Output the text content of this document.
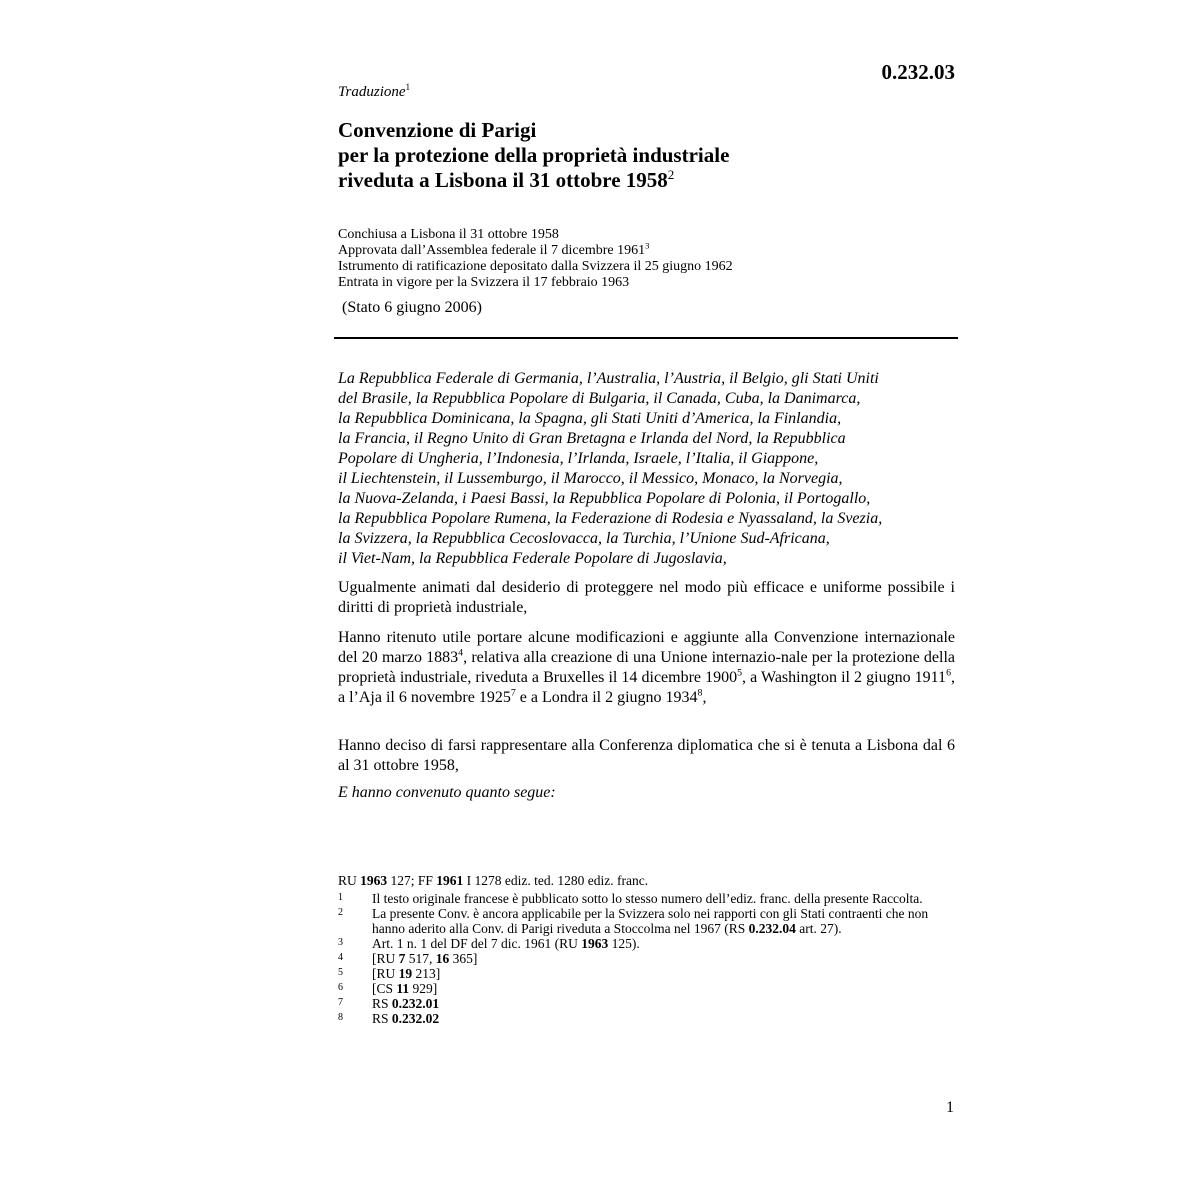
0.232.03
Traduzione$^1$
Convenzione di Parigi
per la protezione della proprietà industriale
riveduta a Lisbona il 31 ottobre 1958$^2$
Conchiusa a Lisbona il 31 ottobre 1958
Approvata dall’Assemblea federale il 7 dicembre 1961$^3$
Istrumento di ratificazione depositato dalla Svizzera il 25 giugno 1962
Entrata in vigore per la Svizzera il 17 febbraio 1963
(Stato 6 giugno 2006)
La Repubblica Federale di Germania, l’Australia, l’Austria, il Belgio, gli Stati Uniti
del Brasile, la Repubblica Popolare di Bulgaria, il Canada, Cuba, la Danimarca,
la Repubblica Dominicana, la Spagna, gli Stati Uniti d’America, la Finlandia,
la Francia, il Regno Unito di Gran Bretagna e Irlanda del Nord, la Repubblica
Popolare di Ungheria, l’Indonesia, l’Irlanda, Israele, l’Italia, il Giappone,
il Liechtenstein, il Lussemburgo, il Marocco, il Messico, Monaco, la Norvegia,
la Nuova-Zelanda, i Paesi Bassi, la Repubblica Popolare di Polonia, il Portogallo,
la Repubblica Popolare Rumena, la Federazione di Rodesia e Nyassaland, la Svezia,
la Svizzera, la Repubblica Cecoslovacca, la Turchia, l’Unione Sud-Africana,
il Viet-Nam, la Repubblica Federale Popolare di Jugoslavia,
Ugualmente animati dal desiderio di proteggere nel modo più efficace e uniforme possibile i diritti di proprietà industriale,
Hanno ritenuto utile portare alcune modificazioni e aggiunte alla Convenzione internazionale del 20 marzo 1883$^4$, relativa alla creazione di una Unione internazio-nale per la protezione della proprietà industriale, riveduta a Bruxelles il 14 dicembre 1900$^5$, a Washington il 2 giugno 1911$^6$, a l’Aja il 6 novembre 1925$^7$ e a Londra il 2 giugno 1934$^8$,
Hanno deciso di farsi rappresentare alla Conferenza diplomatica che si è tenuta a Lisbona dal 6 al 31 ottobre 1958,
E hanno convenuto quanto segue:
RU 1963 127; FF 1961 I 1278 ediz. ted. 1280 ediz. franc.
1	Il testo originale francese è pubblicato sotto lo stesso numero dell’ediz. franc. della presente Raccolta.
2	La presente Conv. è ancora applicabile per la Svizzera solo nei rapporti con gli Stati contraenti che non hanno aderito alla Conv. di Parigi riveduta a Stoccolma nel 1967 (RS 0.232.04 art. 27).
3	Art. 1 n. 1 del DF del 7 dic. 1961 (RU 1963 125).
4	[RU 7 517, 16 365]
5	[RU 19 213]
6	[CS 11 929]
7	RS 0.232.01
8	RS 0.232.02
1
